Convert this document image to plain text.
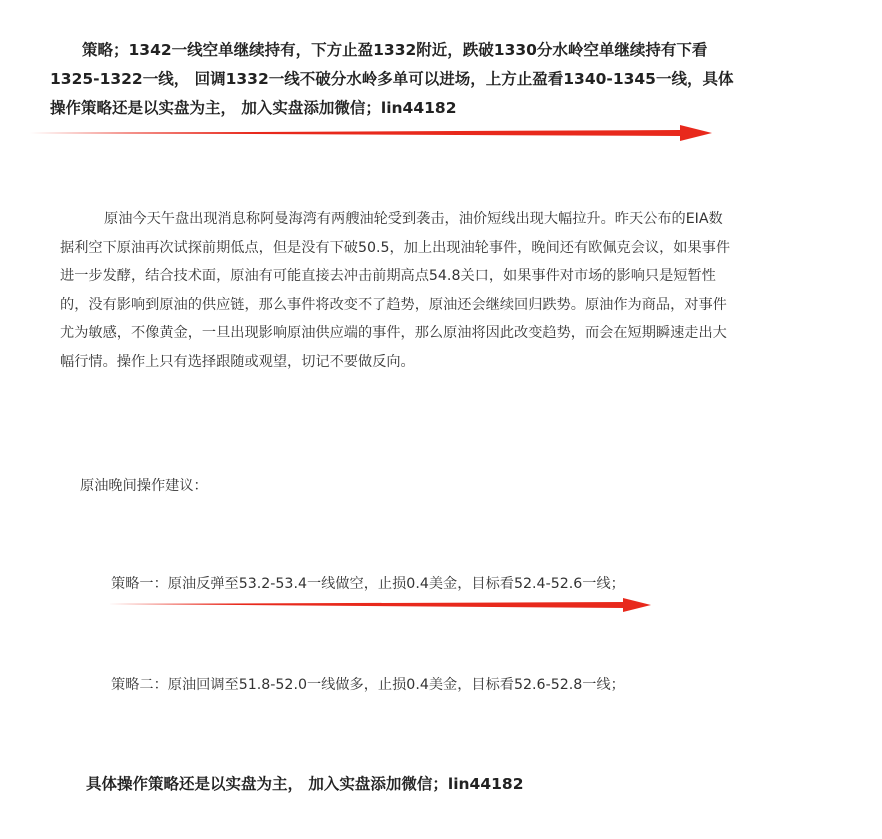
策略；1342一线空单继续持有，下方止盈1332附近，跌破1330分水岭空单继续持有下看1325-1322一线， 回调1332一线不破分水岭多单可以进场，上方止盈看1340-1345一线，具体操作策略还是以实盘为主， 加入实盘添加微信；lin44182

原油今天午盘出现消息称阿曼海湾有两艘油轮受到袭击，油价短线出现大幅拉升。昨天公布的EIA数据利空下原油再次试探前期低点，但是没有下破50.5，加上出现油轮事件，晚间还有欧佩克会议，如果事件进一步发酵，结合技术面，原油有可能直接去冲击前期高点54.8关口，如果事件对市场的影响只是短暂性的，没有影响到原油的供应链，那么事件将改变不了趋势，原油还会继续回归跌势。原油作为商品，对事件尤为敏感，不像黄金，一旦出现影响原油供应端的事件，那么原油将因此改变趋势，而会在短期瞬速走出大幅行情。操作上只有选择跟随或观望，切记不要做反向。

原油晚间操作建议：

策略一：原油反弹至53.2-53.4一线做空，止损0.4美金，目标看52.4-52.6一线；

策略二：原油回调至51.8-52.0一线做多，止损0.4美金，目标看52.6-52.8一线；

具体操作策略还是以实盘为主， 加入实盘添加微信；lin44182
